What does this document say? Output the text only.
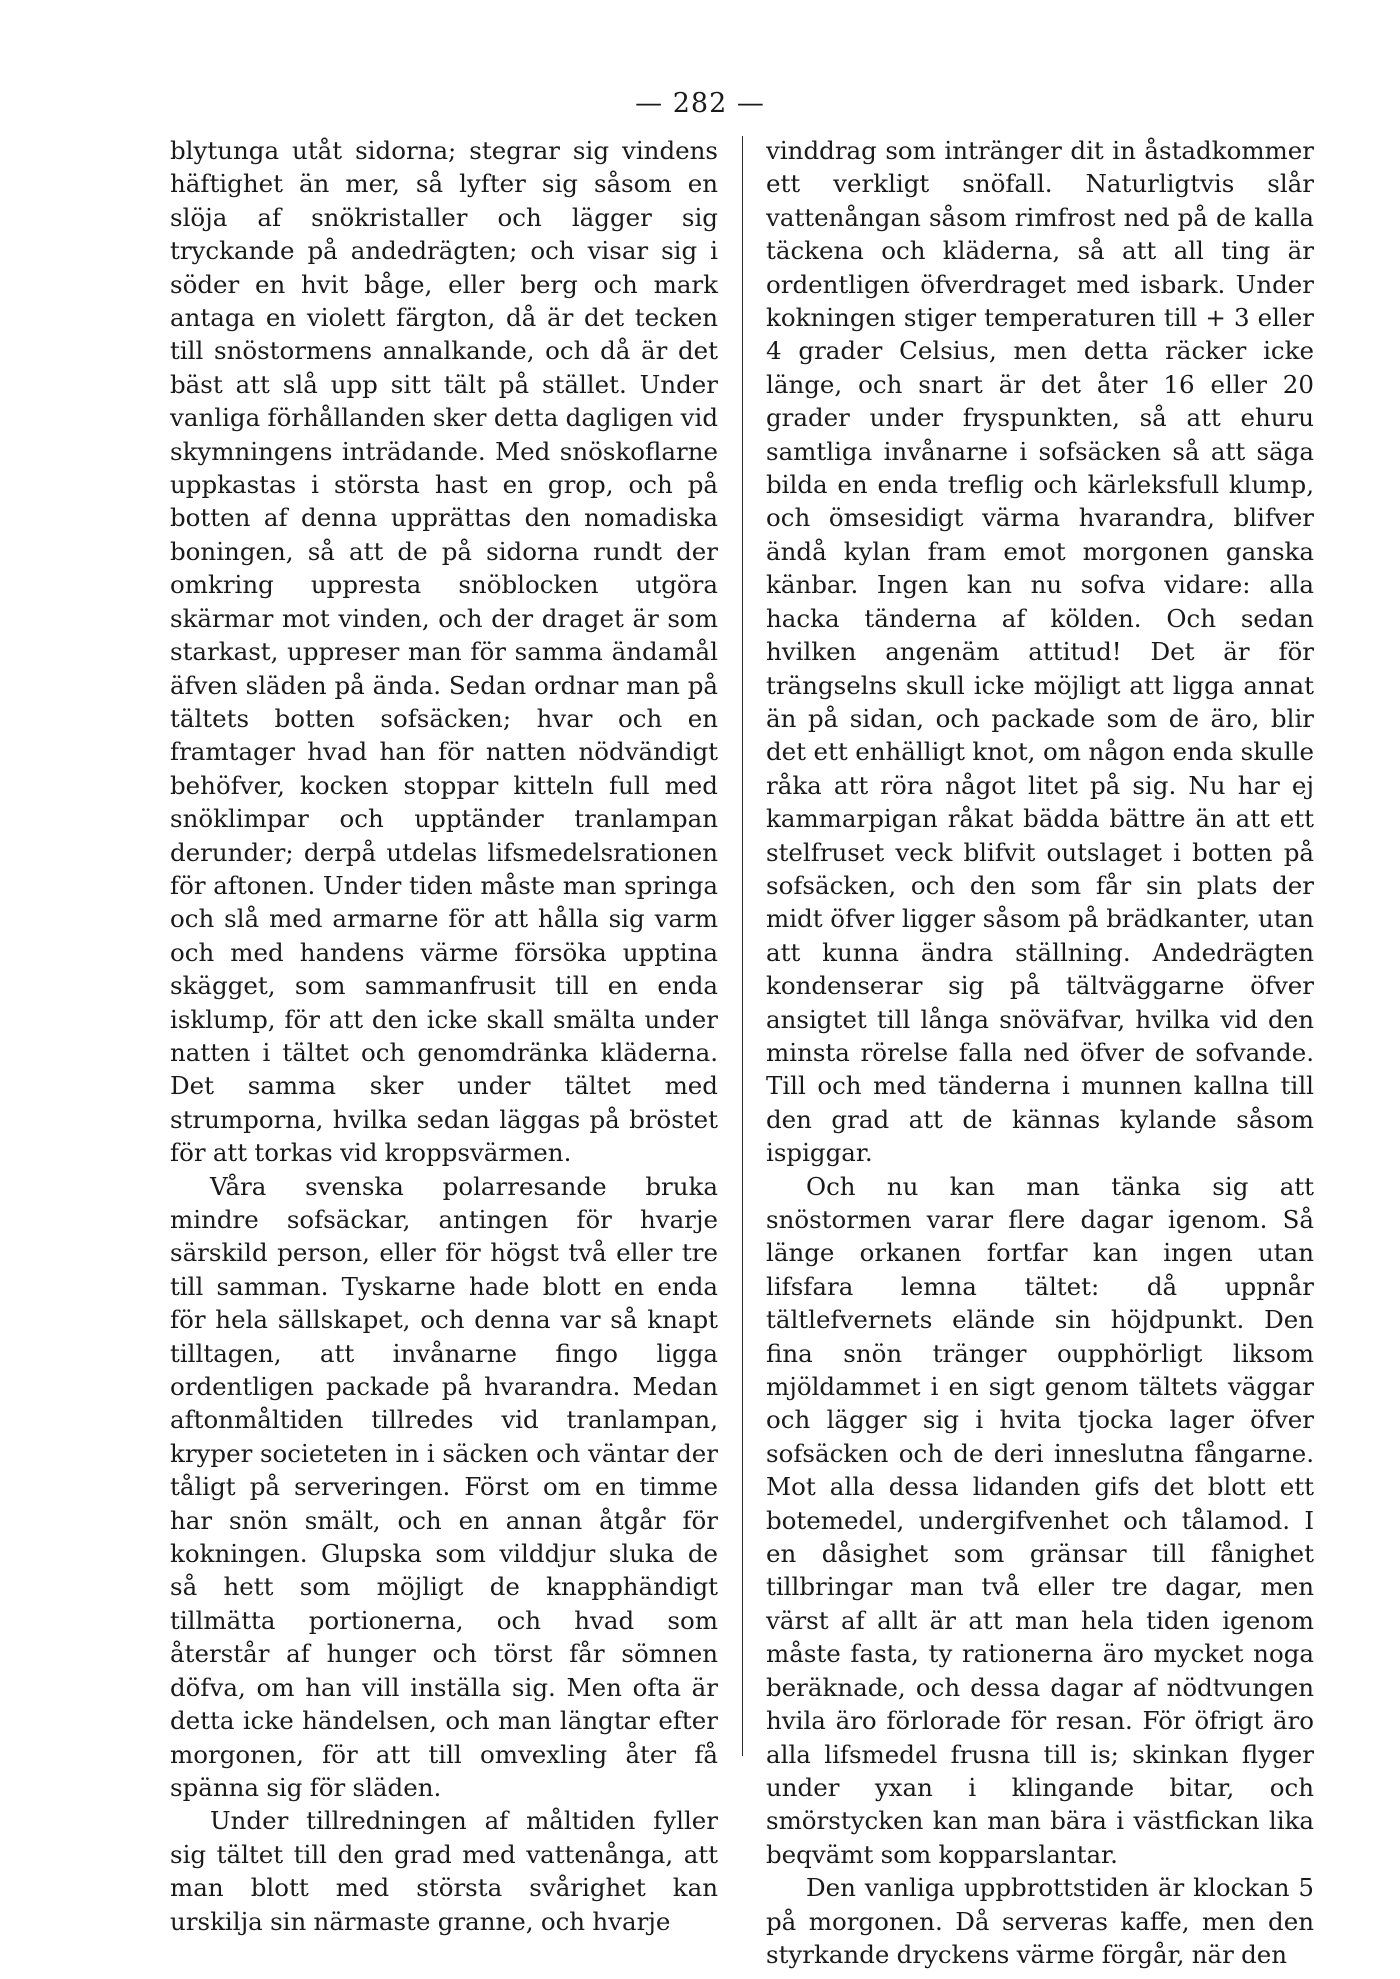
— 282 —

blytunga utåt sidorna; stegrar sig vindens häftighet än mer, så lyfter sig såsom en slöja af snökristaller och lägger sig tryckande på andedrägten; och visar sig i söder en hvit båge, eller berg och mark antaga en violett färgton, då är det tecken till snöstormens annalkande, och då är det bäst att slå upp sitt tält på stället. Under vanliga förhållanden sker detta dagligen vid skymningens inträdande. Med snöskoflarne uppkastas i största hast en grop, och på botten af denna upprättas den nomadiska boningen, så att de på sidorna rundt der omkring uppresta snöblocken utgöra skärmar mot vinden, och der draget är som starkast, uppreser man för samma ändamål äfven släden på ända. Sedan ordnar man på tältets botten sofsäcken; hvar och en framtager hvad han för natten nödvändigt behöfver, kocken stoppar kitteln full med snöklimpar och upptänder tranlampan derunder; derpå utdelas lifsmedelsrationen för aftonen. Under tiden måste man springa och slå med armarne för att hålla sig varm och med handens värme försöka upptina skägget, som sammanfrusit till en enda isklump, för att den icke skall smälta under natten i tältet och genomdränka kläderna. Det samma sker under tältet med strumporna, hvilka sedan läggas på bröstet för att torkas vid kroppsvärmen.

Våra svenska polarresande bruka mindre sofsäckar, antingen för hvarje särskild person, eller för högst två eller tre till samman. Tyskarne hade blott en enda för hela sällskapet, och denna var så knapt tilltagen, att invånarne fingo ligga ordentligen packade på hvarandra. Medan aftonmåltiden tillredes vid tranlampan, kryper societeten in i säcken och väntar der tåligt på serveringen. Först om en timme har snön smält, och en annan åtgår för kokningen. Glupska som vilddjur sluka de så hett som möjligt de knapphändigt tillmätta portionerna, och hvad som återstår af hunger och törst får sömnen döfva, om han vill inställa sig. Men ofta är detta icke händelsen, och man längtar efter morgonen, för att till omvexling åter få spänna sig för släden.

Under tillredningen af måltiden fyller sig tältet till den grad med vattenånga, att man blott med största svårighet kan urskilja sin närmaste granne, och hvarje

vinddrag som intränger dit in åstadkommer ett verkligt snöfall. Naturligtvis slår vattenångan såsom rimfrost ned på de kalla täckena och kläderna, så att all ting är ordentligen öfverdraget med isbark. Under kokningen stiger temperaturen till + 3 eller 4 grader Celsius, men detta räcker icke länge, och snart är det åter 16 eller 20 grader under fryspunkten, så att ehuru samtliga invånarne i sofsäcken så att säga bilda en enda treflig och kärleksfull klump, och ömsesidigt värma hvarandra, blifver ändå kylan fram emot morgonen ganska känbar. Ingen kan nu sofva vidare: alla hacka tänderna af kölden. Och sedan hvilken angenäm attitud! Det är för trängselns skull icke möjligt att ligga annat än på sidan, och packade som de äro, blir det ett enhälligt knot, om någon enda skulle råka att röra något litet på sig. Nu har ej kammarpigan råkat bädda bättre än att ett stelfruset veck blifvit outslaget i botten på sofsäcken, och den som får sin plats der midt öfver ligger såsom på brädkanter, utan att kunna ändra ställning. Andedrägten kondenserar sig på tältväggarne öfver ansigtet till långa snöväfvar, hvilka vid den minsta rörelse falla ned öfver de sofvande. Till och med tänderna i munnen kallna till den grad att de kännas kylande såsom ispiggar.

Och nu kan man tänka sig att snöstormen varar flere dagar igenom. Så länge orkanen fortfar kan ingen utan lifsfara lemna tältet: då uppnår tältlefvernets elände sin höjdpunkt. Den fina snön tränger oupphörligt liksom mjöldammet i en sigt genom tältets väggar och lägger sig i hvita tjocka lager öfver sofsäcken och de deri inneslutna fångarne. Mot alla dessa lidanden gifs det blott ett botemedel, undergifvenhet och tålamod. I en dåsighet som gränsar till fånighet tillbringar man två eller tre dagar, men värst af allt är att man hela tiden igenom måste fasta, ty rationerna äro mycket noga beräknade, och dessa dagar af nödtvungen hvila äro förlorade för resan. För öfrigt äro alla lifsmedel frusna till is; skinkan flyger under yxan i klingande bitar, och smörstycken kan man bära i västfickan lika beqvämt som kopparslantar.

Den vanliga uppbrottstiden är klockan 5 på morgonen. Då serveras kaffe, men den styrkande dryckens värme förgår, när den
